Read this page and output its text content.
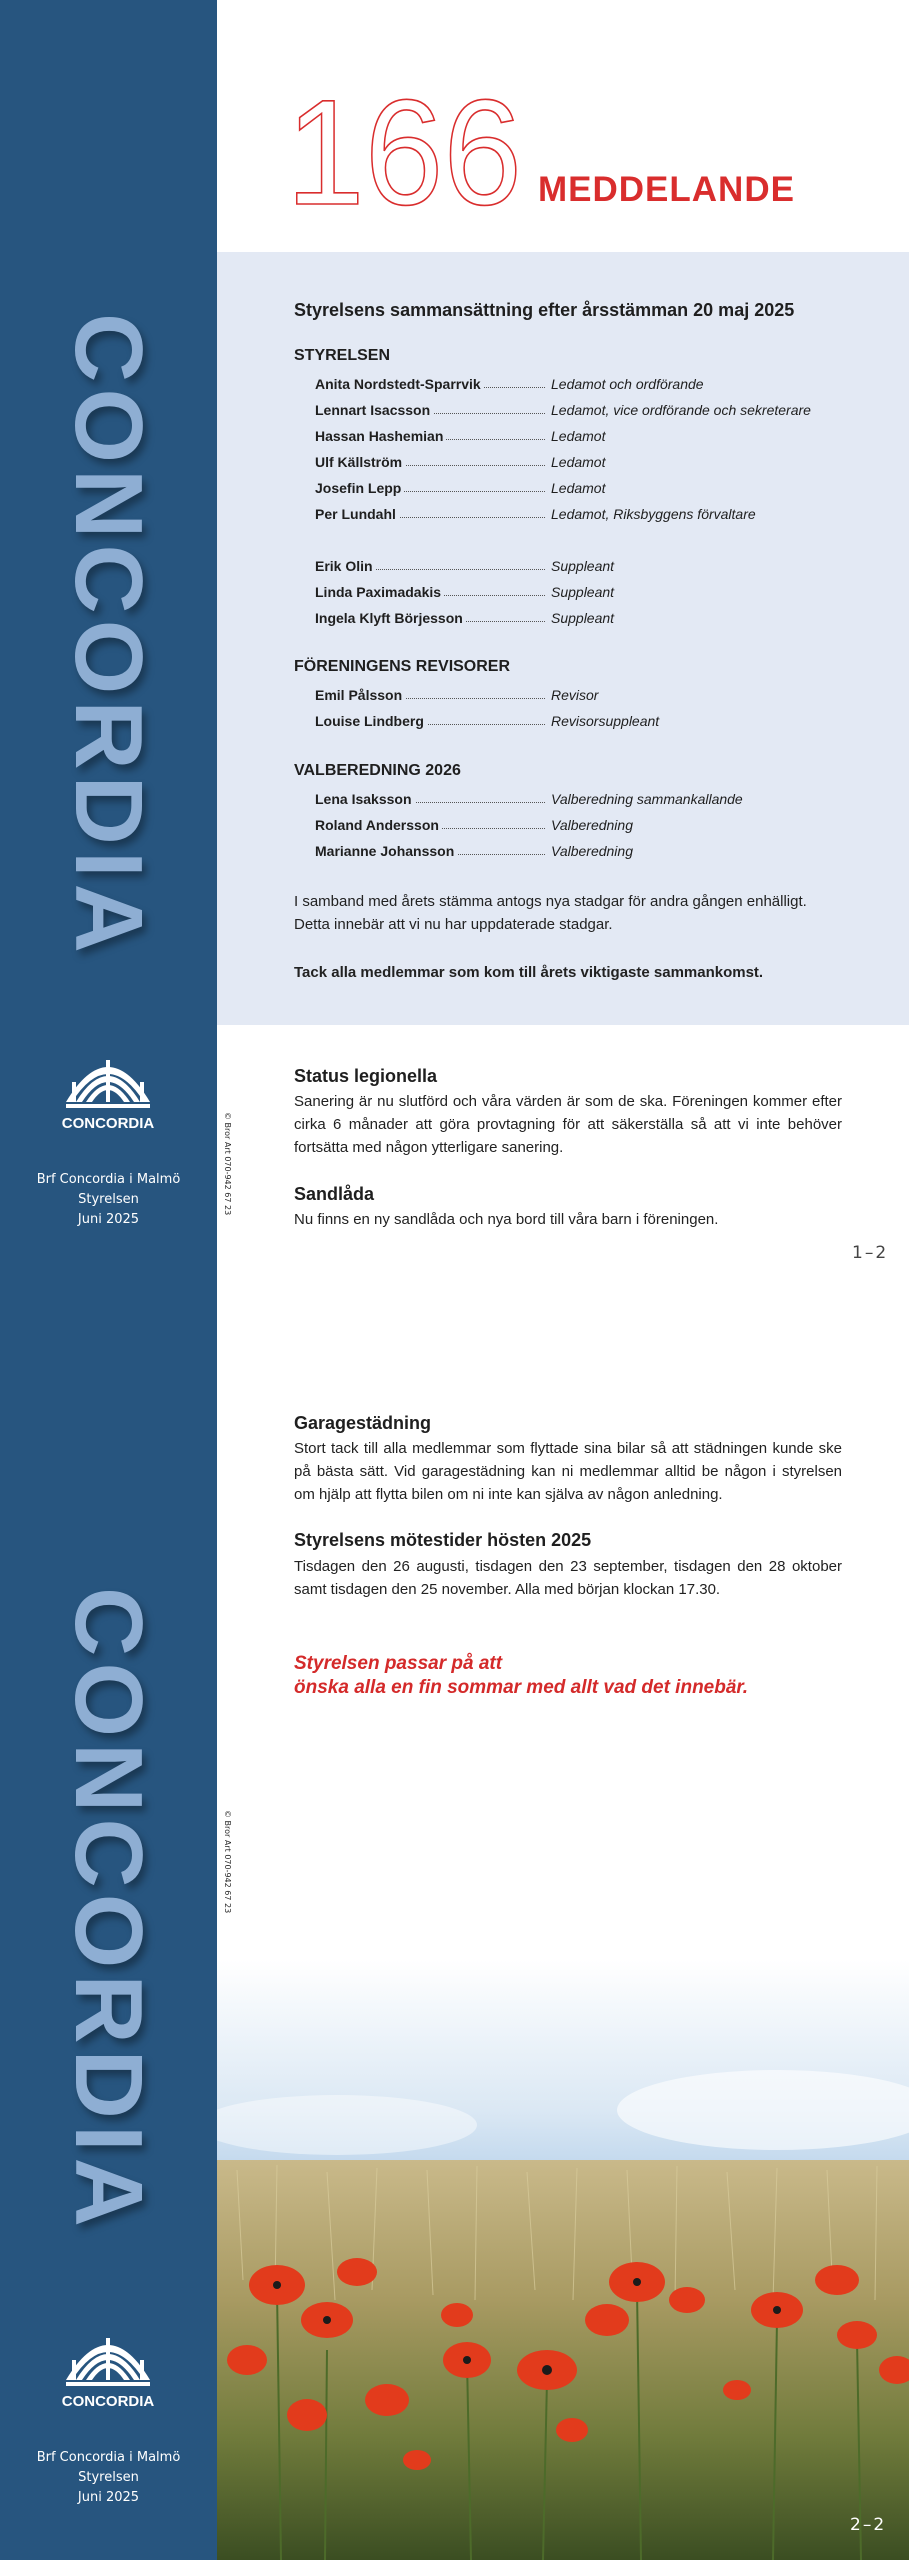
CONCORDIA
CONCORDIA
CONCORDIA
Brf Concordia i Malmö
Styrelsen
Juni 2025
CONCORDIA
Brf Concordia i Malmö
Styrelsen
Juni 2025
© Bror Art 070-942 67 23
© Bror Art 070-942 67 23
166 MEDDELANDE
Styrelsens sammansättning efter årsstämman 20 maj 2025
STYRELSEN
Anita Nordstedt-Sparrvik	Ledamot och ordförande
Lennart Isacsson	Ledamot, vice ordförande och sekreterare
Hassan Hashemian	Ledamot
Ulf Källström	Ledamot
Josefin Lepp	Ledamot
Per Lundahl	Ledamot, Riksbyggens förvaltare
Erik Olin	Suppleant
Linda Paximadakis	Suppleant
Ingela Klyft Börjesson	Suppleant
FÖRENINGENS REVISORER
Emil Pålsson	Revisor
Louise Lindberg	Revisorsuppleant
VALBEREDNING 2026
Lena Isaksson	Valberedning sammankallande
Roland Andersson	Valberedning
Marianne Johansson	Valberedning
I samband med årets stämma antogs nya stadgar för andra gången enhälligt. Detta innebär att vi nu har uppdaterade stadgar.
Tack alla medlemmar som kom till årets viktigaste sammankomst.
Status legionella
Sanering är nu slutförd och våra värden är som de ska. Föreningen kommer efter cirka 6 månader att göra provtagning för att säkerställa så att vi inte behöver fortsätta med någon ytterligare sanering.
Sandlåda
Nu finns en ny sandlåda och nya bord till våra barn i föreningen.
1–2
Garagestädning
Stort tack till alla medlemmar som flyttade sina bilar så att städningen kunde ske på bästa sätt. Vid garagestädning kan ni medlemmar alltid be någon i styrelsen om hjälp att flytta bilen om ni inte kan själva av någon anledning.
Styrelsens mötestider hösten 2025
Tisdagen den 26 augusti, tisdagen den 23 september, tisdagen den 28 oktober samt tisdagen den 25 november. Alla med början klockan 17.30.
Styrelsen passar på att
önska alla en fin sommar med allt vad det innebär.
2–2
